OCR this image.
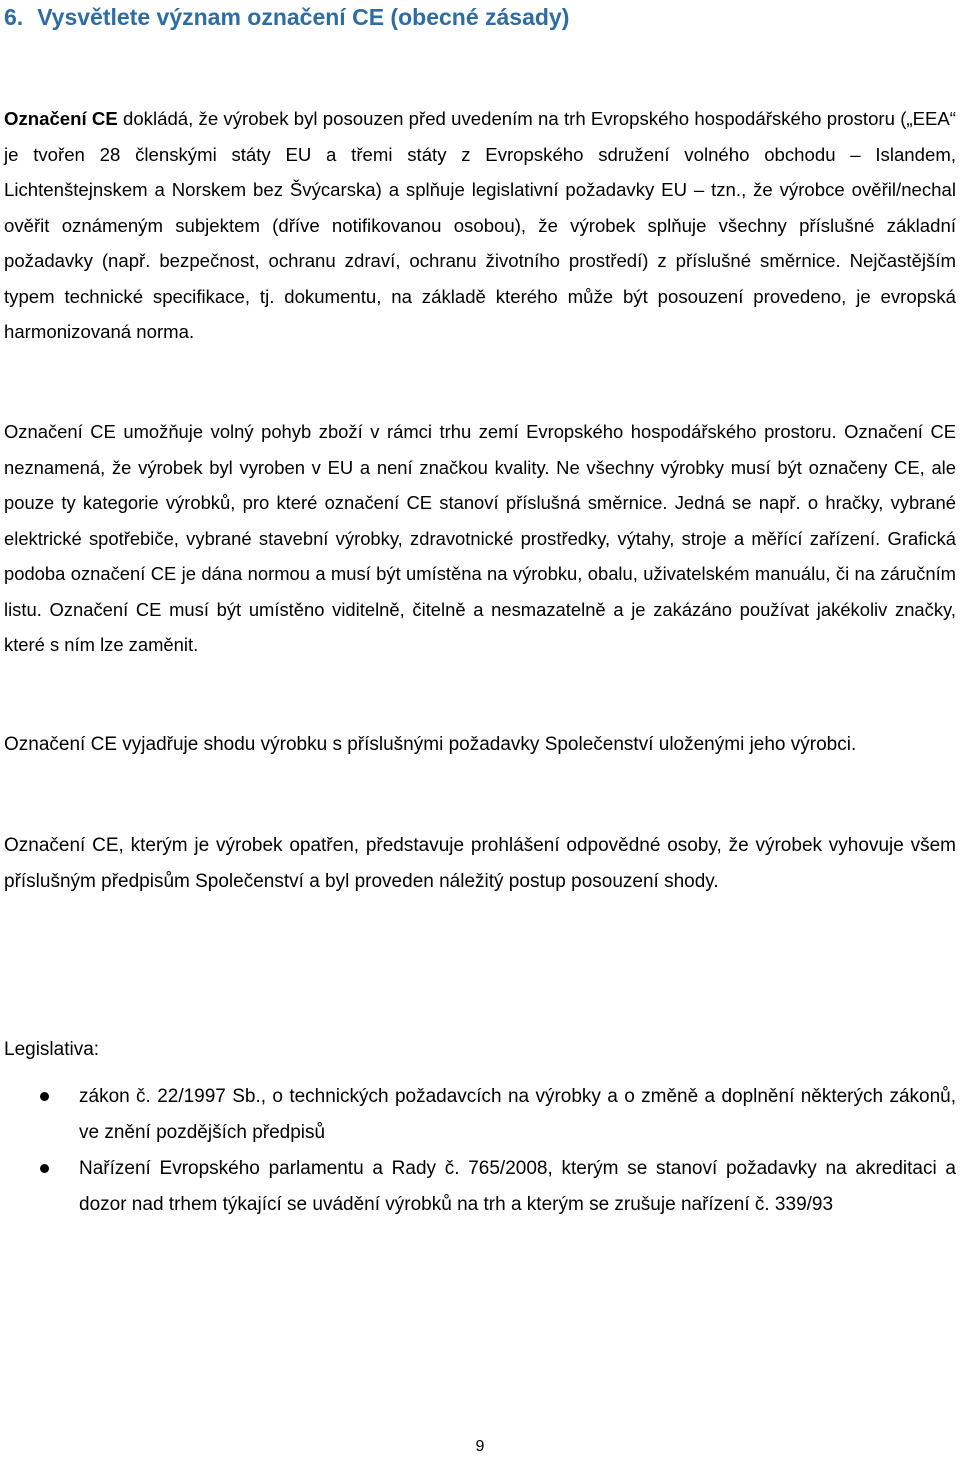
6. Vysvětlete význam označení CE (obecné zásady)

Označení CE dokládá, že výrobek byl posouzen před uvedením na trh Evropského hospodářského prostoru („EEA“ je tvořen 28 členskými státy EU a třemi státy z Evropského sdružení volného obchodu – Islandem, Lichtenštejnskem a Norskem bez Švýcarska) a splňuje legislativní požadavky EU – tzn., že výrobce ověřil/nechal ověřit oznámeným subjektem (dříve notifikovanou osobou), že výrobek splňuje všechny příslušné základní požadavky (např. bezpečnost, ochranu zdraví, ochranu životního prostředí) z příslušné směrnice. Nejčastějším typem technické specifikace, tj. dokumentu, na základě kterého může být posouzení provedeno, je evropská harmonizovaná norma.

Označení CE umožňuje volný pohyb zboží v rámci trhu zemí Evropského hospodářského prostoru. Označení CE neznamená, že výrobek byl vyroben v EU a není značkou kvality. Ne všechny výrobky musí být označeny CE, ale pouze ty kategorie výrobků, pro které označení CE stanoví příslušná směrnice. Jedná se např. o hračky, vybrané elektrické spotřebiče, vybrané stavební výrobky, zdravotnické prostředky, výtahy, stroje a měřící zařízení. Grafická podoba označení CE je dána normou a musí být umístěna na výrobku, obalu, uživatelském manuálu, či na záručním listu. Označení CE musí být umístěno viditelně, čitelně a nesmazatelně a je zakázáno používat jakékoliv značky, které s ním lze zaměnit.

Označení CE vyjadřuje shodu výrobku s příslušnými požadavky Společenství uloženými jeho výrobci.

Označení CE, kterým je výrobek opatřen, představuje prohlášení odpovědné osoby, že výrobek vyhovuje všem příslušným předpisům Společenství a byl proveden náležitý postup posouzení shody.

Legislativa:

zákon č. 22/1997 Sb., o technických požadavcích na výrobky a o změně a doplnění některých zákonů, ve znění pozdějších předpisů
Nařízení Evropského parlamentu a Rady č. 765/2008, kterým se stanoví požadavky na akreditaci a dozor nad trhem týkající se uvádění výrobků na trh a kterým se zrušuje nařízení č. 339/93
9
